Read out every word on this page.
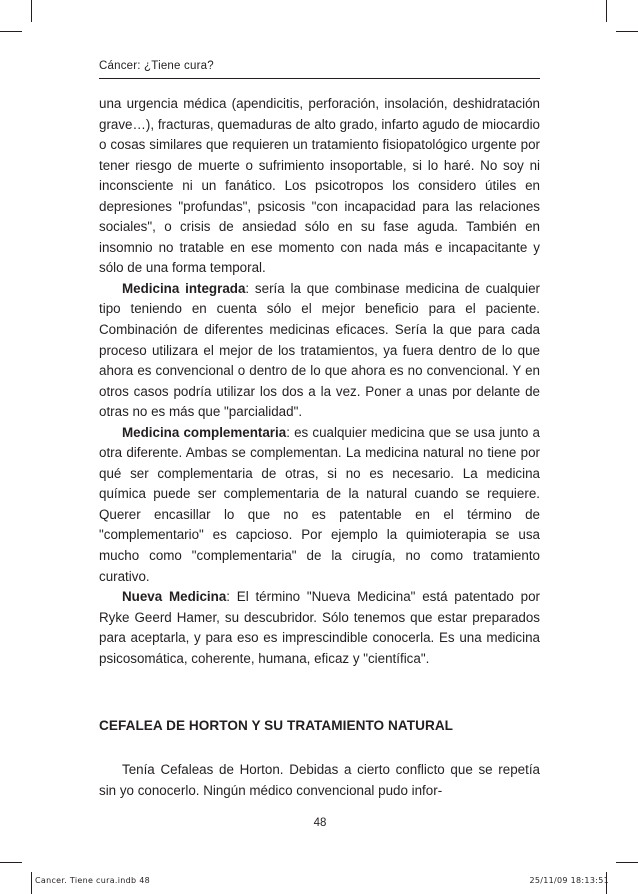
Cáncer: ¿Tiene cura?

una urgencia médica (apendicitis, perforación, insolación, deshidratación grave…), fracturas, quemaduras de alto grado, infarto agudo de miocardio o cosas similares que requieren un tratamiento fisiopatológico urgente por tener riesgo de muerte o sufrimiento insoportable, si lo haré. No soy ni inconsciente ni un fanático. Los psicotropos los considero útiles en depresiones "profundas", psicosis "con incapacidad para las relaciones sociales", o crisis de ansiedad sólo en su fase aguda. También en insomnio no tratable en ese momento con nada más e incapacitante y sólo de una forma temporal.

Medicina integrada: sería la que combinase medicina de cualquier tipo teniendo en cuenta sólo el mejor beneficio para el paciente. Combinación de diferentes medicinas eficaces. Sería la que para cada proceso utilizara el mejor de los tratamientos, ya fuera dentro de lo que ahora es convencional o dentro de lo que ahora es no convencional. Y en otros casos podría utilizar los dos a la vez. Poner a unas por delante de otras no es más que "parcialidad".

Medicina complementaria: es cualquier medicina que se usa junto a otra diferente. Ambas se complementan. La medicina natural no tiene por qué ser complementaria de otras, si no es necesario. La medicina química puede ser complementaria de la natural cuando se requiere. Querer encasillar lo que no es patentable en el término de "complementario" es capcioso. Por ejemplo la quimioterapia se usa mucho como "complementaria" de la cirugía, no como tratamiento curativo.

Nueva Medicina: El término "Nueva Medicina" está patentado por Ryke Geerd Hamer, su descubridor. Sólo tenemos que estar preparados para aceptarla, y para eso es imprescindible conocerla. Es una medicina psicosomática, coherente, humana, eficaz y "científica".

CEFALEA DE HORTON Y SU TRATAMIENTO NATURAL

Tenía Cefaleas de Horton. Debidas a cierto conflicto que se repetía sin yo conocerlo. Ningún médico convencional pudo infor-

48
Cancer. Tiene cura.indb 48	25/11/09 18:13:51
